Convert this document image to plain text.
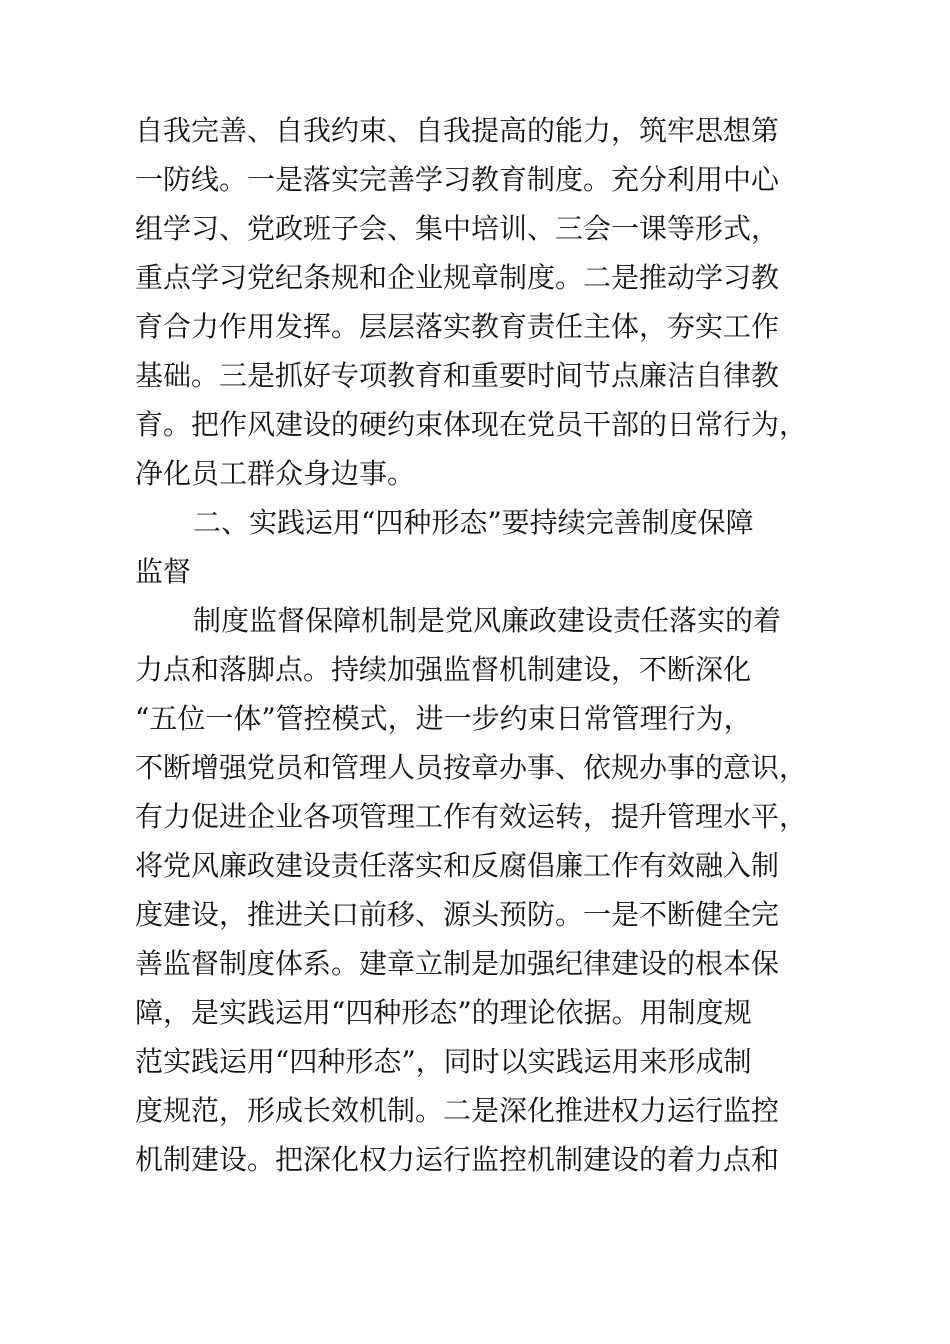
自我完善、自我约束、自我提高的能力，筑牢思想第
一防线。一是落实完善学习教育制度。充分利用中心
组学习、党政班子会、集中培训、三会一课等形式，
重点学习党纪条规和企业规章制度。二是推动学习教
育合力作用发挥。层层落实教育责任主体，夯实工作
基础。三是抓好专项教育和重要时间节点廉洁自律教
育。把作风建设的硬约束体现在党员干部的日常行为，
净化员工群众身边事。
二、实践运用“四种形态”要持续完善制度保障
监督
制度监督保障机制是党风廉政建设责任落实的着
力点和落脚点。持续加强监督机制建设，不断深化
“五位一体”管控模式，进一步约束日常管理行为，
不断增强党员和管理人员按章办事、依规办事的意识，
有力促进企业各项管理工作有效运转，提升管理水平，
将党风廉政建设责任落实和反腐倡廉工作有效融入制
度建设，推进关口前移、源头预防。一是不断健全完
善监督制度体系。建章立制是加强纪律建设的根本保
障，是实践运用“四种形态”的理论依据。用制度规
范实践运用“四种形态”，同时以实践运用来形成制
度规范，形成长效机制。二是深化推进权力运行监控
机制建设。把深化权力运行监控机制建设的着力点和
